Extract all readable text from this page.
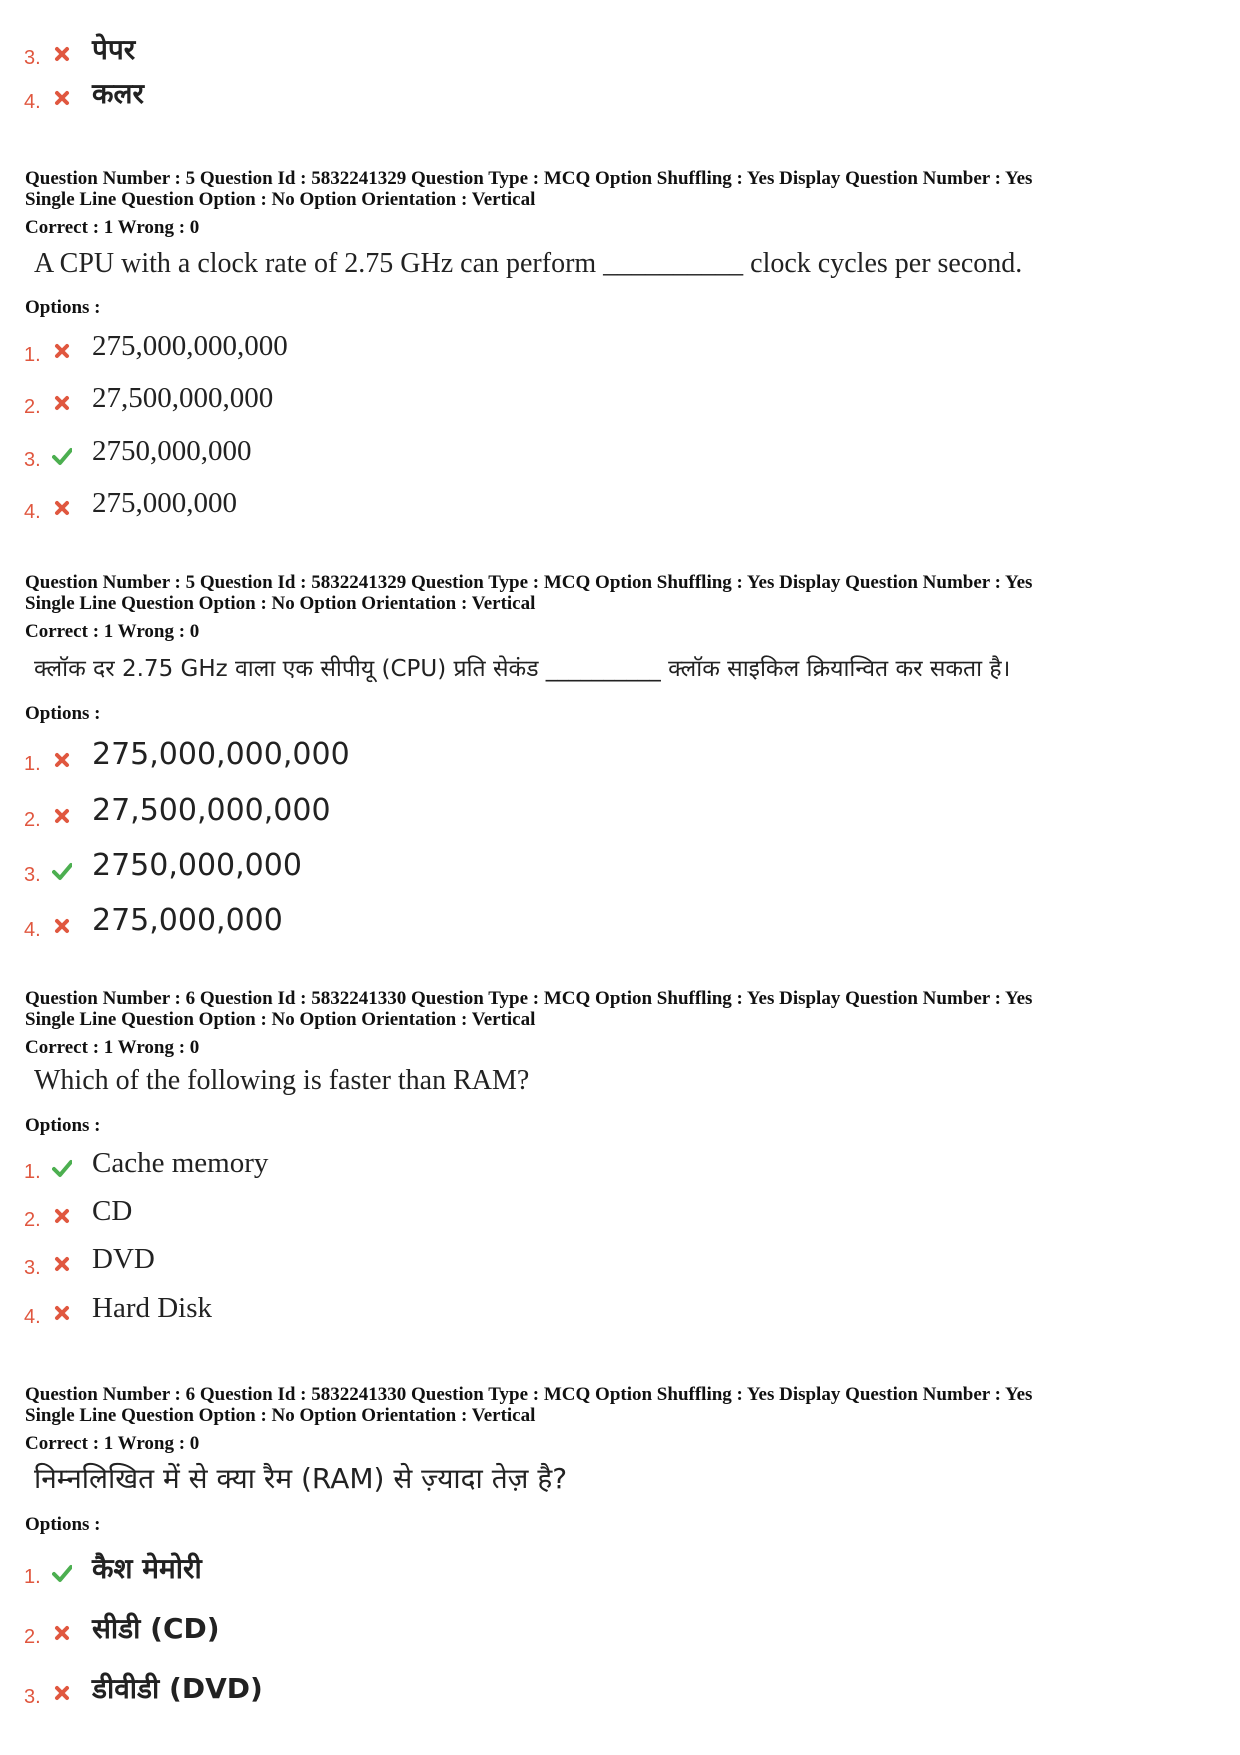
3. पेपर
4. कलर
Question Number : 5 Question Id : 5832241329 Question Type : MCQ Option Shuffling : Yes Display Question Number : Yes
Single Line Question Option : No Option Orientation : Vertical
Correct : 1 Wrong : 0
A CPU with a clock rate of 2.75 GHz can perform __________ clock cycles per second.
Options :
1. 275,000,000,000
2. 27,500,000,000
3. 2750,000,000
4. 275,000,000
Question Number : 5 Question Id : 5832241329 Question Type : MCQ Option Shuffling : Yes Display Question Number : Yes
Single Line Question Option : No Option Orientation : Vertical
Correct : 1 Wrong : 0
क्लॉक दर 2.75 GHz वाला एक सीपीयू (CPU) प्रति सेकंड __________ क्लॉक साइकिल क्रियान्वित कर सकता है।
Options :
1. 275,000,000,000
2. 27,500,000,000
3. 2750,000,000
4. 275,000,000
Question Number : 6 Question Id : 5832241330 Question Type : MCQ Option Shuffling : Yes Display Question Number : Yes
Single Line Question Option : No Option Orientation : Vertical
Correct : 1 Wrong : 0
Which of the following is faster than RAM?
Options :
1. Cache memory
2. CD
3. DVD
4. Hard Disk
Question Number : 6 Question Id : 5832241330 Question Type : MCQ Option Shuffling : Yes Display Question Number : Yes
Single Line Question Option : No Option Orientation : Vertical
Correct : 1 Wrong : 0
निम्नलिखित में से क्या रैम (RAM) से ज़्यादा तेज़ है?
Options :
1. कैश मेमोरी
2. सीडी (CD)
3. डीवीडी (DVD)
